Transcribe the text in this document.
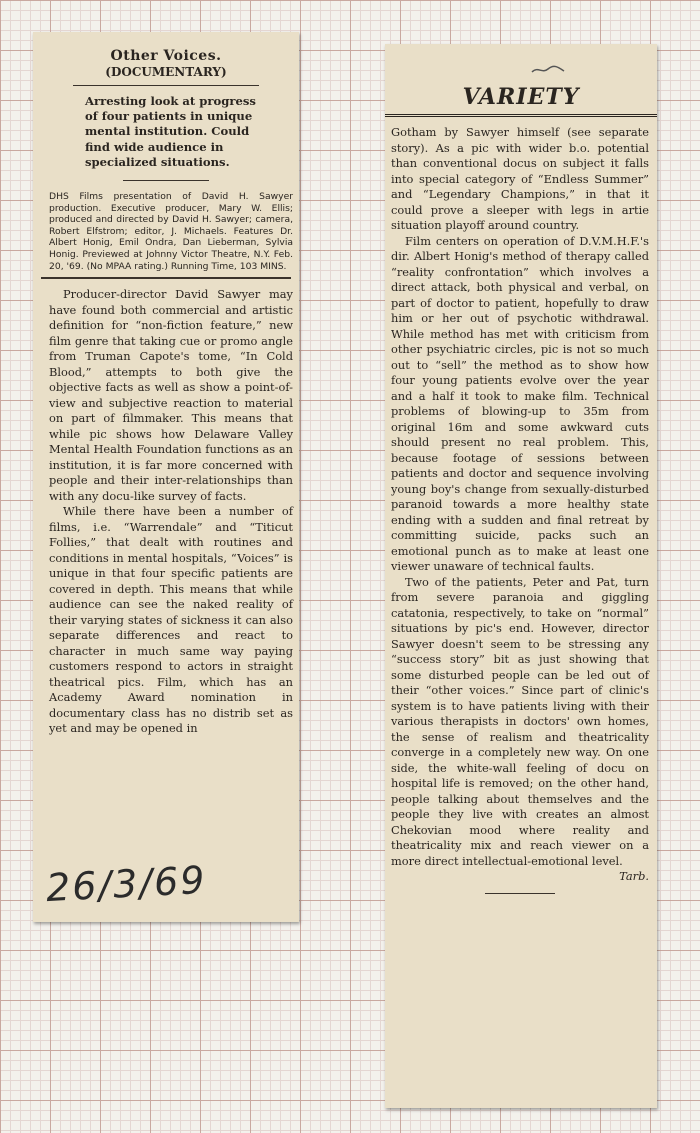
Other Voices.
(DOCUMENTARY)
Arresting look at progress of four patients in unique mental institution. Could find wide audience in specialized situations.
DHS Films presentation of David H. Sawyer production. Executive producer, Mary W. Ellis; produced and directed by David H. Sawyer; camera, Robert Elfstrom; editor, J. Michaels. Features Dr. Albert Honig, Emil Ondra, Dan Lieberman, Sylvia Honig. Previewed at Johnny Victor Theatre, N.Y. Feb. 20, '69. (No MPAA rating.) Running Time, 103 MINS.

Producer-director David Sawyer may have found both commercial and artistic definition for “non-fiction feature,” new film genre that taking cue or promo angle from Truman Capote's tome, “In Cold Blood,” attempts to both give the objective facts as well as show a point-of-view and subjective reaction to material on part of filmmaker. This means that while pic shows how Delaware Valley Mental Health Foundation functions as an institution, it is far more concerned with people and their inter-relationships than with any docu-like survey of facts.

While there have been a number of films, i.e. “Warrendale” and “Titicut Follies,” that dealt with routines and conditions in mental hospitals, “Voices” is unique in that four specific patients are covered in depth. This means that while audience can see the naked reality of their varying states of sickness it can also separate differences and react to character in much same way paying customers respond to actors in straight theatrical pics. Film, which has an Academy Award nomination in documentary class has no distrib set as yet and may be opened in

26/3/69
VARIETY

Gotham by Sawyer himself (see separate story). As a pic with wider b.o. potential than conventional docus on subject it falls into special category of “Endless Summer” and “Legendary Champions,” in that it could prove a sleeper with legs in artie situation playoff around country.

Film centers on operation of D.V.M.H.F.'s dir. Albert Honig's method of therapy called “reality confrontation” which involves a direct attack, both physical and verbal, on part of doctor to patient, hopefully to draw him or her out of psychotic withdrawal. While method has met with criticism from other psychiatric circles, pic is not so much out to “sell” the method as to show how four young patients evolve over the year and a half it took to make film. Technical problems of blowing-up to 35m from original 16m and some awkward cuts should present no real problem. This, because footage of sessions between patients and doctor and sequence involving young boy's change from sexually-disturbed paranoid towards a more healthy state ending with a sudden and final retreat by committing suicide, packs such an emotional punch as to make at least one viewer unaware of technical faults.

Two of the patients, Peter and Pat, turn from severe paranoia and giggling catatonia, respectively, to take on “normal” situations by pic's end. However, director Sawyer doesn't seem to be stressing any “success story” bit as just showing that some disturbed people can be led out of their “other voices.” Since part of clinic's system is to have patients living with their various therapists in doctors' own homes, the sense of realism and theatricality converge in a completely new way. On one side, the white-wall feeling of docu on hospital life is removed; on the other hand, people talking about themselves and the people they live with creates an almost Chekovian mood where reality and theatricality mix and reach viewer on a more direct intellectual-emotional level.

Tarb.
